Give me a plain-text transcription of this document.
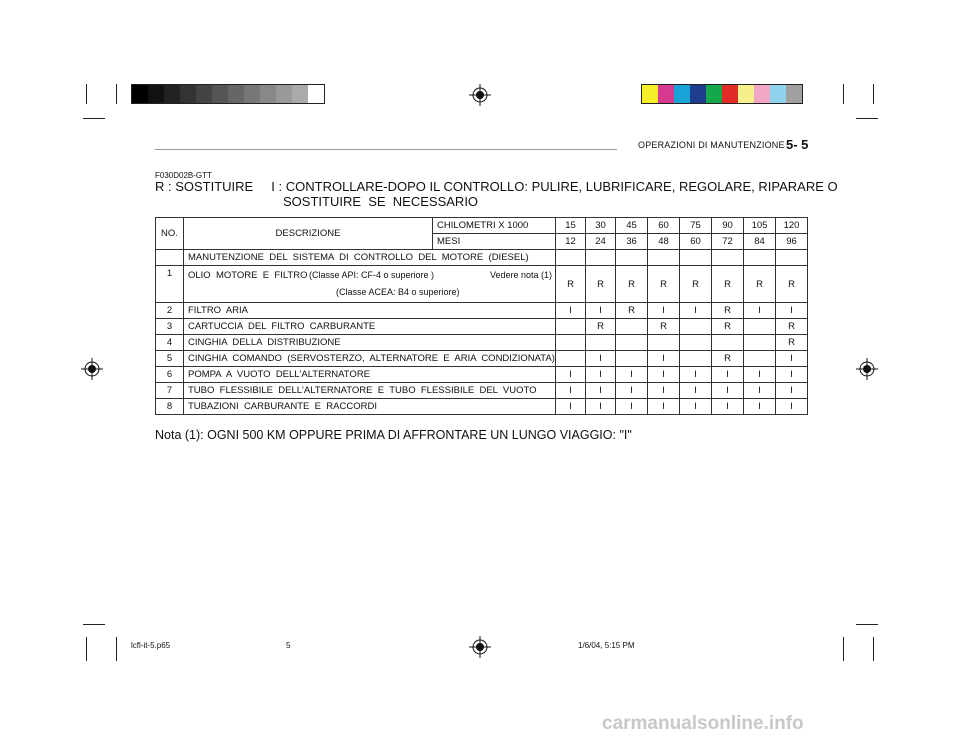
OPERAZIONI DI MANUTENZIONE 5- 5
F030D02B-GTT
R : SOSTITUIRE     I : CONTROLLARE-DOPO IL CONTROLLO: PULIRE, LUBRIFICARE, REGOLARE, RIPARARE O
SOSTITUIRE  SE  NECESSARIO
NO.	DESCRIZIONE	CHILOMETRI X 1000	15	30	45	60	75	90	105	120
		MESI	12	24	36	48	60	72	84	96
	MANUTENZIONE  DEL  SISTEMA  DI  CONTROLLO  DEL  MOTORE  (DIESEL)									
1	OLIO  MOTORE  E  FILTRO (Classe API: CF-4 o superiore ) Vedere nota (1)
(Classe ACEA: B4 o superiore)		R	R	R	R	R	R	R	R
2	FILTRO  ARIA		I	I	R	I	I	R	I	I
3	CARTUCCIA  DEL  FILTRO  CARBURANTE			R		R		R		R
4	CINGHIA  DELLA  DISTRIBUZIONE									R
5	CINGHIA  COMANDO  (SERVOSTERZO,  ALTERNATORE  E  ARIA  CONDIZIONATA)			I		I		R		I
6	POMPA  A  VUOTO  DELL'ALTERNATORE		I	I	I	I	I	I	I	I
7	TUBO  FLESSIBILE  DELL'ALTERNATORE  E  TUBO  FLESSIBILE  DEL  VUOTO		I	I	I	I	I	I	I	I
8	TUBAZIONI  CARBURANTE  E  RACCORDI		I	I	I	I	I	I	I	I
Nota (1): OGNI 500 KM OPPURE PRIMA DI AFFRONTARE UN LUNGO VIAGGIO: "I"
lcfl-it-5.p65	5	1/6/04, 5:15 PM
carmanualsonline.info
